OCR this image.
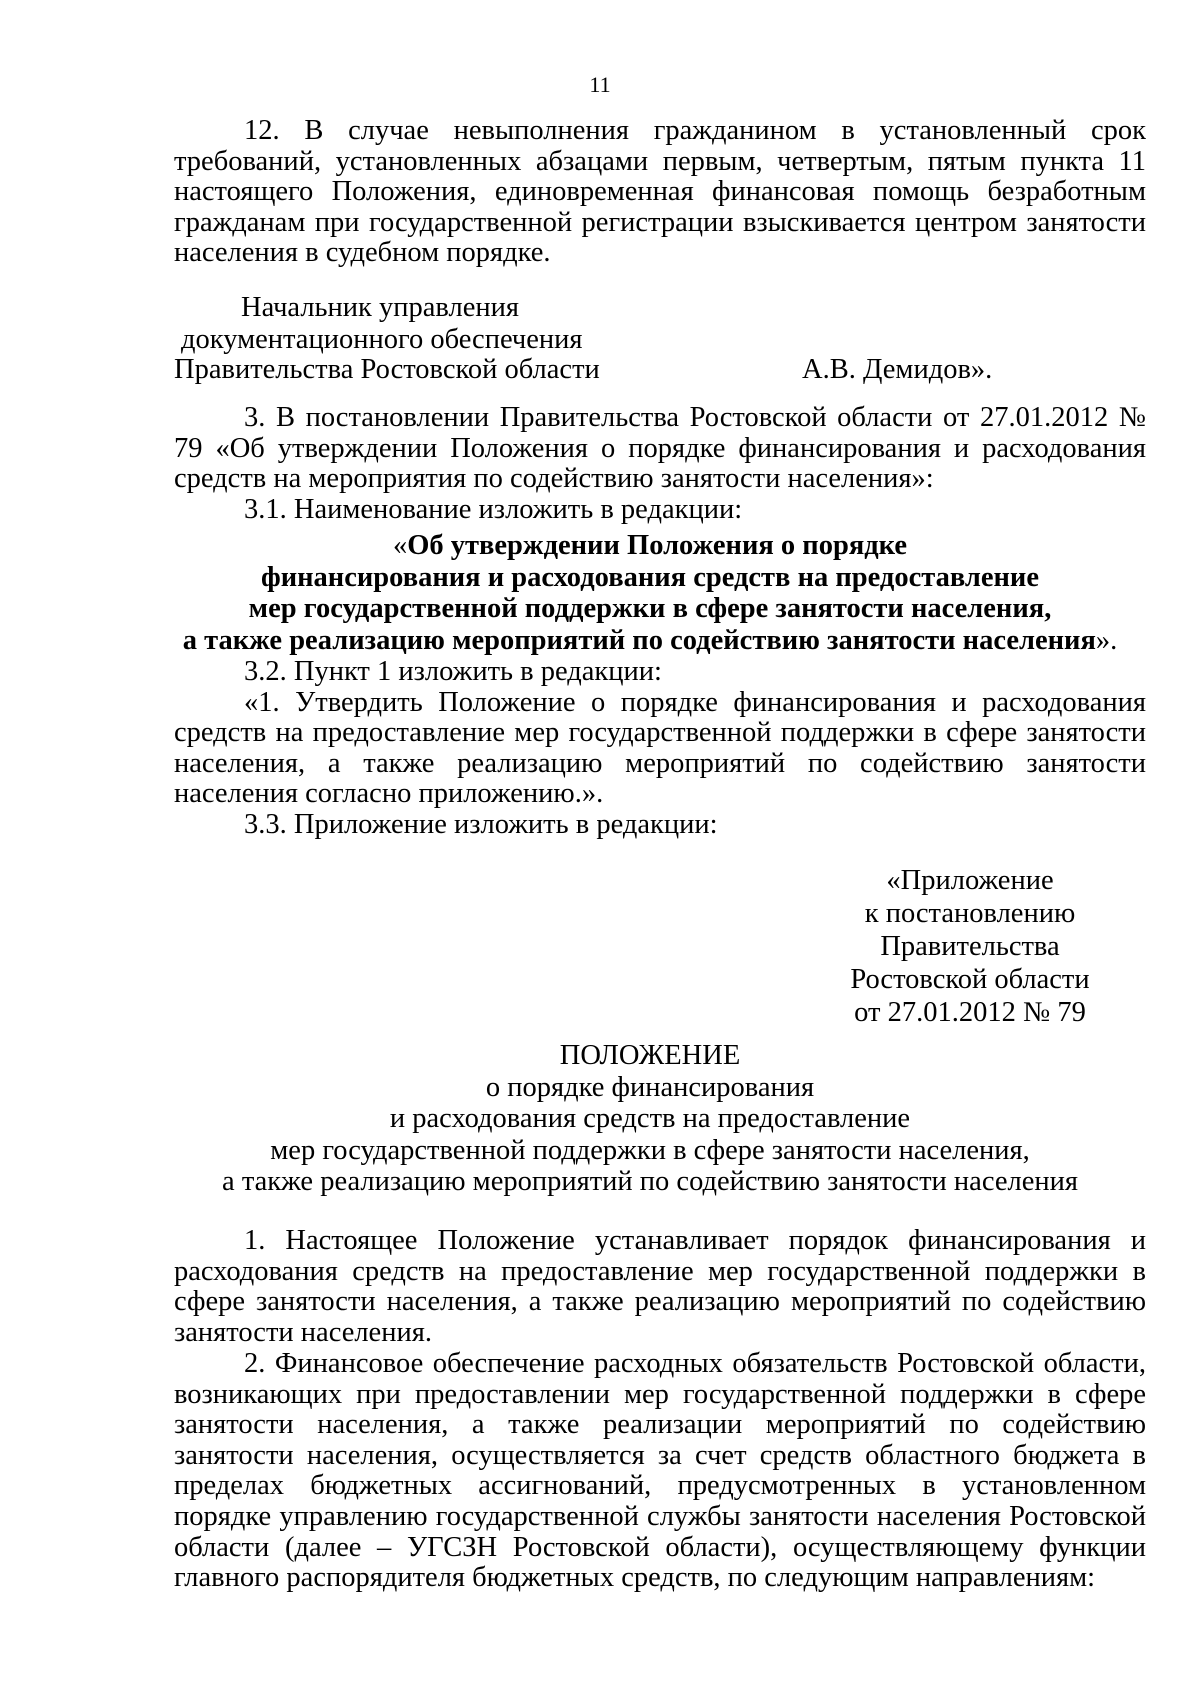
11
12. В случае невыполнения гражданином в установленный срок требований, установленных абзацами первым, четвертым, пятым пункта 11 настоящего Положения, единовременная финансовая помощь безработным гражданам при государственной регистрации взыскивается центром занятости населения в судебном порядке.
Начальник управления
документационного обеспечения
Правительства Ростовской области	А.В. Демидов».
3. В постановлении Правительства Ростовской области от 27.01.2012 № 79 «Об утверждении Положения о порядке финансирования и расходования средств на мероприятия по содействию занятости населения»:
3.1. Наименование изложить в редакции:
«Об утверждении Положения о порядке
финансирования и расходования средств на предоставление
мер государственной поддержки в сфере занятости населения,
а также реализацию мероприятий по содействию занятости населения».
3.2. Пункт 1 изложить в редакции:
«1. Утвердить Положение о порядке финансирования и расходования средств на предоставление мер государственной поддержки в сфере занятости населения, а также реализацию мероприятий по содействию занятости населения согласно приложению.».
3.3. Приложение изложить в редакции:
«Приложение
к постановлению
Правительства
Ростовской области
от 27.01.2012 № 79
ПОЛОЖЕНИЕ
о порядке финансирования
и расходования средств на предоставление
мер государственной поддержки в сфере занятости населения,
а также реализацию мероприятий по содействию занятости населения
1. Настоящее Положение устанавливает порядок финансирования и расходования средств на предоставление мер государственной поддержки в сфере занятости населения, а также реализацию мероприятий по содействию занятости населения.
2. Финансовое обеспечение расходных обязательств Ростовской области, возникающих при предоставлении мер государственной поддержки в сфере занятости населения, а также реализации мероприятий по содействию занятости населения, осуществляется за счет средств областного бюджета в пределах бюджетных ассигнований, предусмотренных в установленном порядке управлению государственной службы занятости населения Ростовской области (далее – УГСЗН Ростовской области), осуществляющему функции главного распорядителя бюджетных средств, по следующим направлениям:
